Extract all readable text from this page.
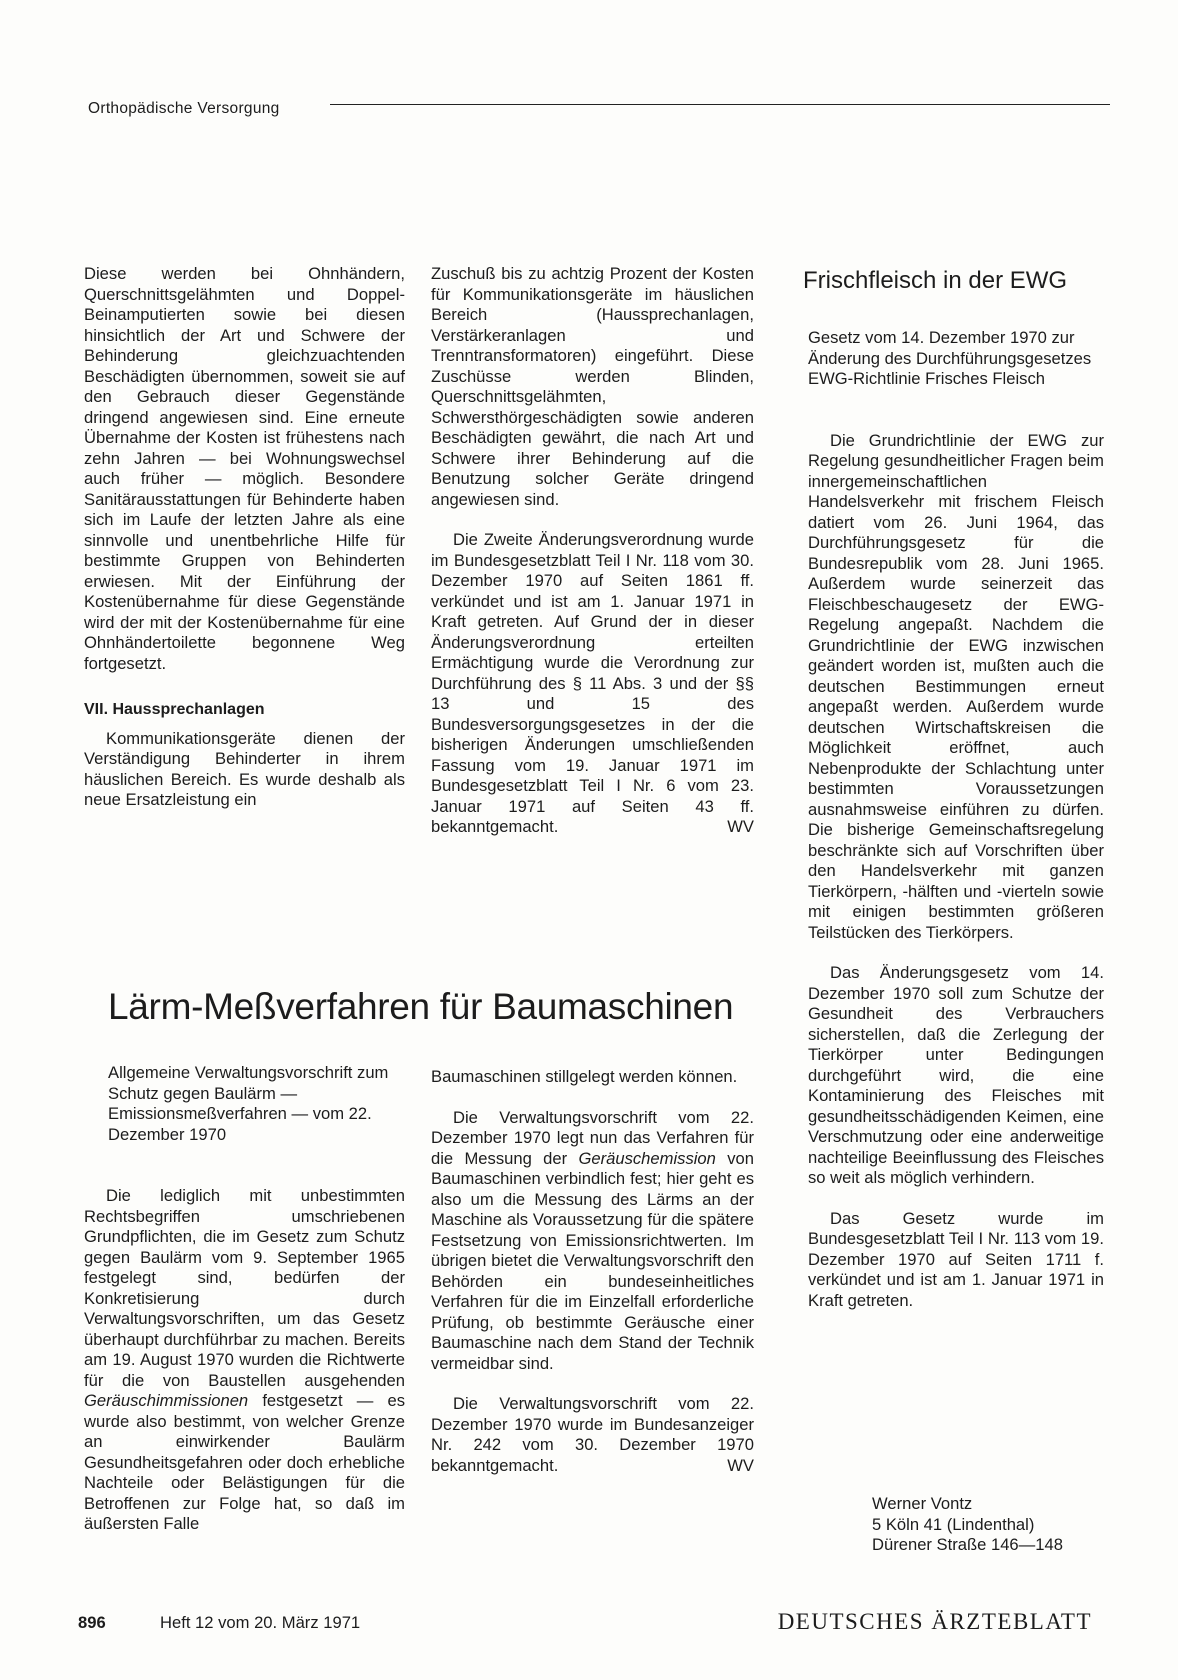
Orthopädische Versorgung

Diese werden bei Ohnhändern, Querschnittsgelähmten und Doppel-Beinamputierten sowie bei diesen hinsichtlich der Art und Schwere der Behinderung gleichzuachtenden Beschädigten übernommen, soweit sie auf den Gebrauch dieser Gegenstände dringend angewiesen sind. Eine erneute Übernahme der Kosten ist frühestens nach zehn Jahren — bei Wohnungswechsel auch früher — möglich. Besondere Sanitärausstattungen für Behinderte haben sich im Laufe der letzten Jahre als eine sinnvolle und unentbehrliche Hilfe für bestimmte Gruppen von Behinderten erwiesen. Mit der Einführung der Kostenübernahme für diese Gegenstände wird der mit der Kostenübernahme für eine Ohnhändertoilette begonnene Weg fortgesetzt.

VII. Haussprechanlagen

Kommunikationsgeräte dienen der Verständigung Behinderter in ihrem häuslichen Bereich. Es wurde deshalb als neue Ersatzleistung ein

Zuschuß bis zu achtzig Prozent der Kosten für Kommunikationsgeräte im häuslichen Bereich (Haussprechanlagen, Verstärkeranlagen und Trenntransformatoren) eingeführt. Diese Zuschüsse werden Blinden, Querschnittsgelähmten, Schwersthörgeschädigten sowie anderen Beschädigten gewährt, die nach Art und Schwere ihrer Behinderung auf die Benutzung solcher Geräte dringend angewiesen sind.

Die Zweite Änderungsverordnung wurde im Bundesgesetzblatt Teil I Nr. 118 vom 30. Dezember 1970 auf Seiten 1861 ff. verkündet und ist am 1. Januar 1971 in Kraft getreten. Auf Grund der in dieser Änderungsverordnung erteilten Ermächtigung wurde die Verordnung zur Durchführung des § 11 Abs. 3 und der §§ 13 und 15 des Bundesversorgungsgesetzes in der die bisherigen Änderungen umschließenden Fassung vom 19. Januar 1971 im Bundesgesetzblatt Teil I Nr. 6 vom 23. Januar 1971 auf Seiten 43 ff. bekanntgemacht.	WV

Frischfleisch in der EWG

Gesetz vom 14. Dezember 1970 zur Änderung des Durchführungsgesetzes EWG-Richtlinie Frisches Fleisch

Die Grundrichtlinie der EWG zur Regelung gesundheitlicher Fragen beim innergemeinschaftlichen Handelsverkehr mit frischem Fleisch datiert vom 26. Juni 1964, das Durchführungsgesetz für die Bundesrepublik vom 28. Juni 1965. Außerdem wurde seinerzeit das Fleischbeschaugesetz der EWG-Regelung angepaßt. Nachdem die Grundrichtlinie der EWG inzwischen geändert worden ist, mußten auch die deutschen Bestimmungen erneut angepaßt werden. Außerdem wurde deutschen Wirtschaftskreisen die Möglichkeit eröffnet, auch Nebenprodukte der Schlachtung unter bestimmten Voraussetzungen ausnahmsweise einführen zu dürfen. Die bisherige Gemeinschaftsregelung beschränkte sich auf Vorschriften über den Handelsverkehr mit ganzen Tierkörpern, -hälften und -vierteln sowie mit einigen bestimmten größeren Teilstücken des Tierkörpers.

Das Änderungsgesetz vom 14. Dezember 1970 soll zum Schutze der Gesundheit des Verbrauchers sicherstellen, daß die Zerlegung der Tierkörper unter Bedingungen durchgeführt wird, die eine Kontaminierung des Fleisches mit gesundheitsschädigenden Keimen, eine Verschmutzung oder eine anderweitige nachteilige Beeinflussung des Fleisches so weit als möglich verhindern.

Das Gesetz wurde im Bundesgesetzblatt Teil I Nr. 113 vom 19. Dezember 1970 auf Seiten 1711 f. verkündet und ist am 1. Januar 1971 in Kraft getreten.

Lärm-Meßverfahren für Baumaschinen

Allgemeine Verwaltungsvorschrift zum Schutz gegen Baulärm — Emissionsmeßverfahren — vom 22. Dezember 1970

Die lediglich mit unbestimmten Rechtsbegriffen umschriebenen Grundpflichten, die im Gesetz zum Schutz gegen Baulärm vom 9. September 1965 festgelegt sind, bedürfen der Konkretisierung durch Verwaltungsvorschriften, um das Gesetz überhaupt durchführbar zu machen. Bereits am 19. August 1970 wurden die Richtwerte für die von Baustellen ausgehenden Geräuschimmissionen festgesetzt — es wurde also bestimmt, von welcher Grenze an einwirkender Baulärm Gesundheitsgefahren oder doch erhebliche Nachteile oder Belästigungen für die Betroffenen zur Folge hat, so daß im äußersten Falle

Baumaschinen stillgelegt werden können.

Die Verwaltungsvorschrift vom 22. Dezember 1970 legt nun das Verfahren für die Messung der Geräuschemission von Baumaschinen verbindlich fest; hier geht es also um die Messung des Lärms an der Maschine als Voraussetzung für die spätere Festsetzung von Emissionsrichtwerten. Im übrigen bietet die Verwaltungsvorschrift den Behörden ein bundeseinheitliches Verfahren für die im Einzelfall erforderliche Prüfung, ob bestimmte Geräusche einer Baumaschine nach dem Stand der Technik vermeidbar sind.

Die Verwaltungsvorschrift vom 22. Dezember 1970 wurde im Bundesanzeiger Nr. 242 vom 30. Dezember 1970 bekanntgemacht.	WV

Werner Vontz

5 Köln 41 (Lindenthal)

Dürener Straße 146—148

896	Heft 12 vom 20. März 1971	DEUTSCHES ÄRZTEBLATT
